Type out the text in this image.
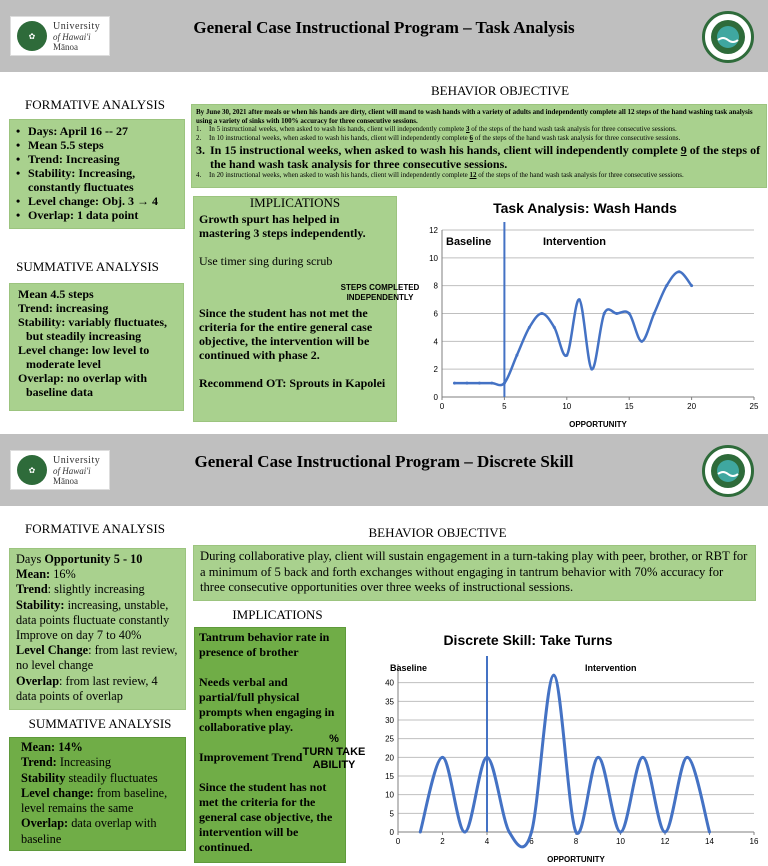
✿
University
of Hawai'i
Mānoa
General Case Instructional Program – Task Analysis
FORMATIVE ANALYSIS
• Days: April 16 -- 27
• Mean 5.5 steps
• Trend: Increasing
• Stability: Increasing, constantly fluctuates
• Level change: Obj. 3 → 4
• Overlap: 1 data point
SUMMATIVE ANALYSIS
Mean 4.5 steps
Trend: increasing
Stability: variably fluctuates, but steadily increasing
Level change: low level to moderate level
Overlap: no overlap with baseline data
BEHAVIOR OBJECTIVE
By June 30, 2021 after meals or when his hands are dirty, client will mand to wash hands with a variety of adults and independently complete all 12 steps of the hand washing task analysis using a variety of sinks with 100% accuracy for three consecutive sessions.
1.	In 5 instructional weeks, when asked to wash his hands, client will independently complete 3 of the steps of the hand wash task analysis for three consecutive sessions.
2.	In 10 instructional weeks, when asked to wash his hands, client will independently complete 6 of the steps of the hand wash task analysis for three consecutive sessions.
3. In 15 instructional weeks, when asked to wash his hands, client will independently complete 9 of the steps of the hand wash task analysis for three consecutive sessions.
4.	In 20 instructional weeks, when asked to wash his hands, client will independently complete 12 of the steps of the hand wash task analysis for three consecutive sessions.
IMPLICATIONS
Growth spurt has helped in mastering 3 steps independently.
Use timer sing during scrub
Since the student has not met the criteria for the entire general case objective, the intervention will be continued with phase 2.
Recommend OT: Sprouts in Kapolei
0
2
4
6
8
10
12
0	5	10	15	20	25
Task Analysis: Wash Hands
OPPORTUNITY
STEPS COMPLETED
INDEPENDENTLY
Baseline	Intervention
✿
University
of Hawai'i
Mānoa
General Case Instructional Program – Discrete Skill
FORMATIVE ANALYSIS
Days Opportunity 5 - 10
Mean: 16%
Trend: slightly increasing
Stability: increasing, unstable, data points fluctuate constantly
Improve on day 7 to 40%
Level Change: from last review, no level change
Overlap: from last review, 4 data points of overlap
SUMMATIVE ANALYSIS
Mean: 14%
Trend: Increasing
Stability steadily fluctuates
Level change: from baseline, level remains the same
Overlap: data overlap with baseline
BEHAVIOR OBJECTIVE
During collaborative play, client will sustain engagement in a turn-taking play with peer, brother, or RBT for a minimum of 5 back and forth exchanges without engaging in tantrum behavior with 70% accuracy for three consecutive opportunities over three weeks of instructional sessions.
IMPLICATIONS
Tantrum behavior rate in presence of brother
Needs verbal and partial/full physical prompts when engaging in collaborative play.
Improvement Trend
Since the student has not met the criteria for the general case objective, the intervention will be continued.
0
5
10
15
20
25
30
35
40
0	2	4	6	8	10	12	14	16
Discrete Skill: Take Turns
OPPORTUNITY
%
TURN TAKE
ABILITY
Baseline	Intervention
